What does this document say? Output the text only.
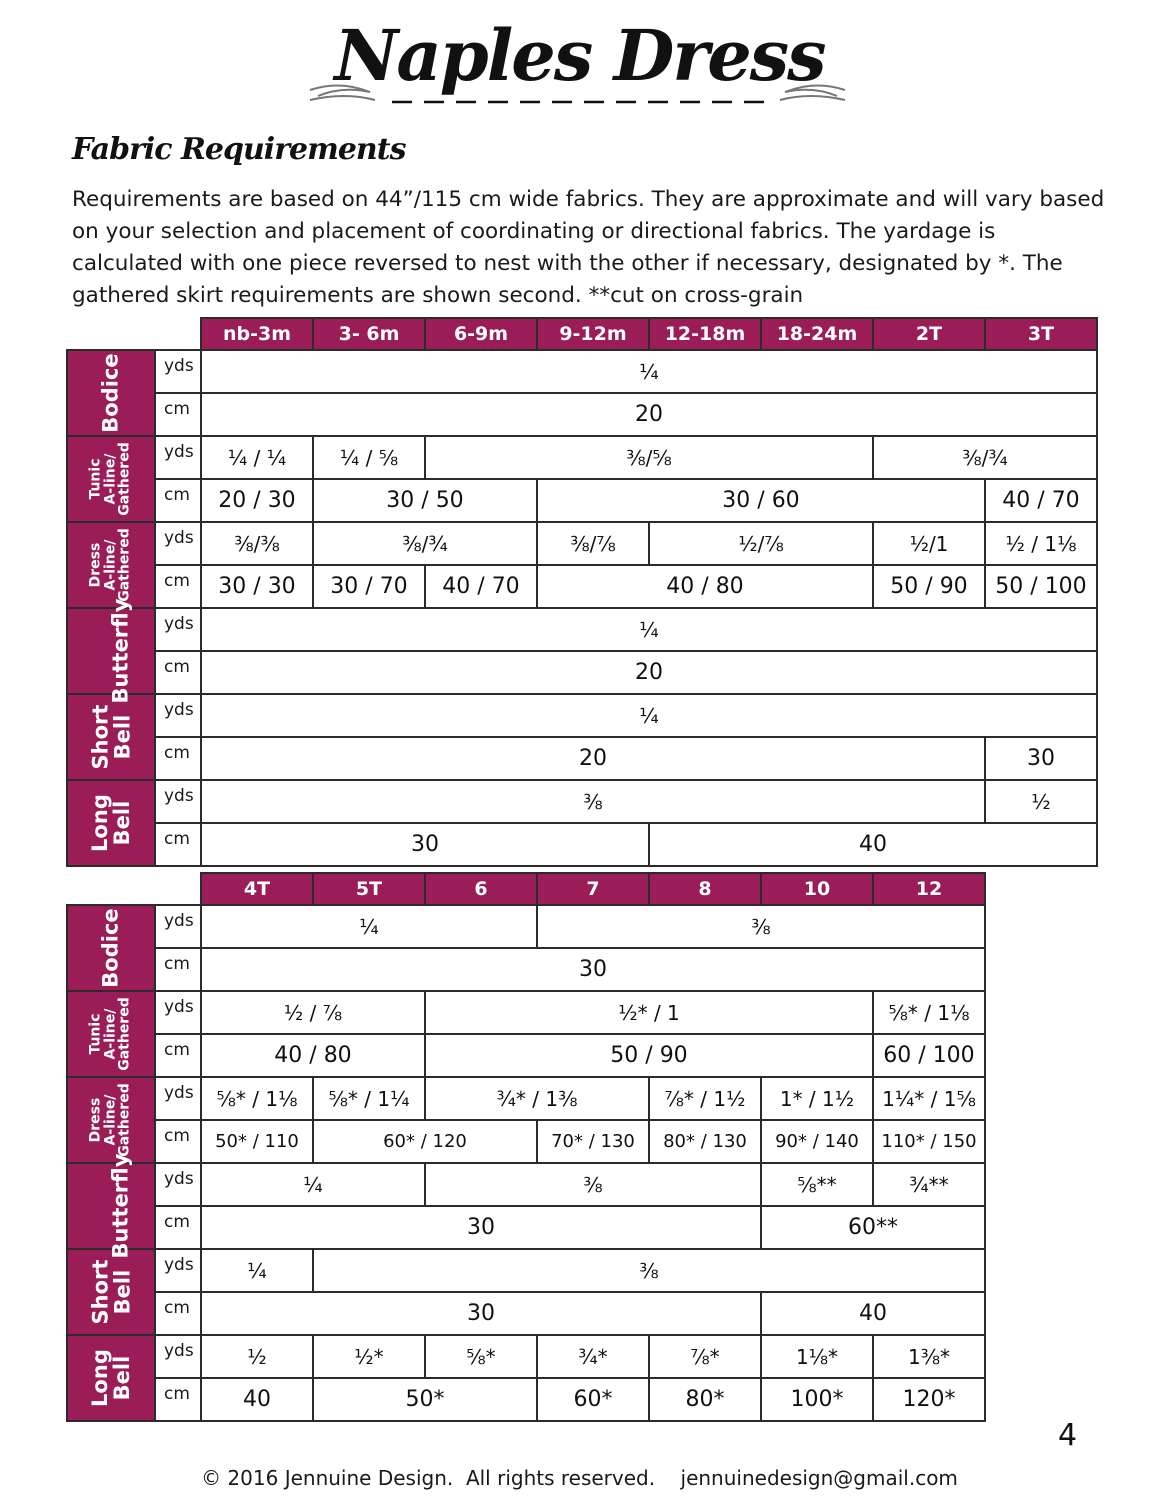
Naples Dress
Fabric Requirements
Requirements are based on 44”/115 cm wide fabrics. They are approximate and will vary based on your selection and placement of coordinating or directional fabrics. The yardage is calculated with one piece reversed to nest with the other if necessary, designated by *. The gathered skirt requirements are shown second. **cut on cross-grain
		nb-3m	3- 6m	6-9m	9-12m	12-18m	18-24m	2T	3T
Bodice	yds	¼							
	cm	20							
Tunic
A-line/
Gathered	yds	¼ / ¼	¼ / ⅝	⅜/⅝				⅜/¾	
	cm	20 / 30	30 / 50		30 / 60				40 / 70
Dress
A-line/
Gathered	yds	⅜/⅜	⅜/¾		⅜/⅞	½/⅞		½/1	½ / 1⅛
	cm	30 / 30	30 / 70	40 / 70	40 / 80			50 / 90	50 / 100
Butterfly	yds	¼							
	cm	20							
Short
Bell	yds	¼							
	cm	20							30
Long
Bell	yds	⅜							½
	cm	30				40			
		4T	5T	6	7	8	10	12
Bodice	yds	¼			⅜			
	cm	30						
Tunic
A-line/
Gathered	yds	½ / ⅞		½* / 1				⅝* / 1⅛
	cm	40 / 80		50 / 90				60 / 100
Dress
A-line/
Gathered	yds	⅝* / 1⅛	⅝* / 1¼	¾* / 1⅜		⅞* / 1½	1* / 1½	1¼* / 1⅝
	cm	50* / 110	60* / 120		70* / 130	80* / 130	90* / 140	110* / 150
Butterfly	yds	¼		⅜			⅝**	¾**
	cm	30					60**	
Short
Bell	yds	¼	⅜					
	cm	30					40	
Long
Bell	yds	½	½*	⅝*	¾*	⅞*	1⅛*	1⅜*
	cm	40	50*		60*	80*	100*	120*
4
© 2016 Jennuine Design.  All rights reserved.    jennuinedesign@gmail.com
